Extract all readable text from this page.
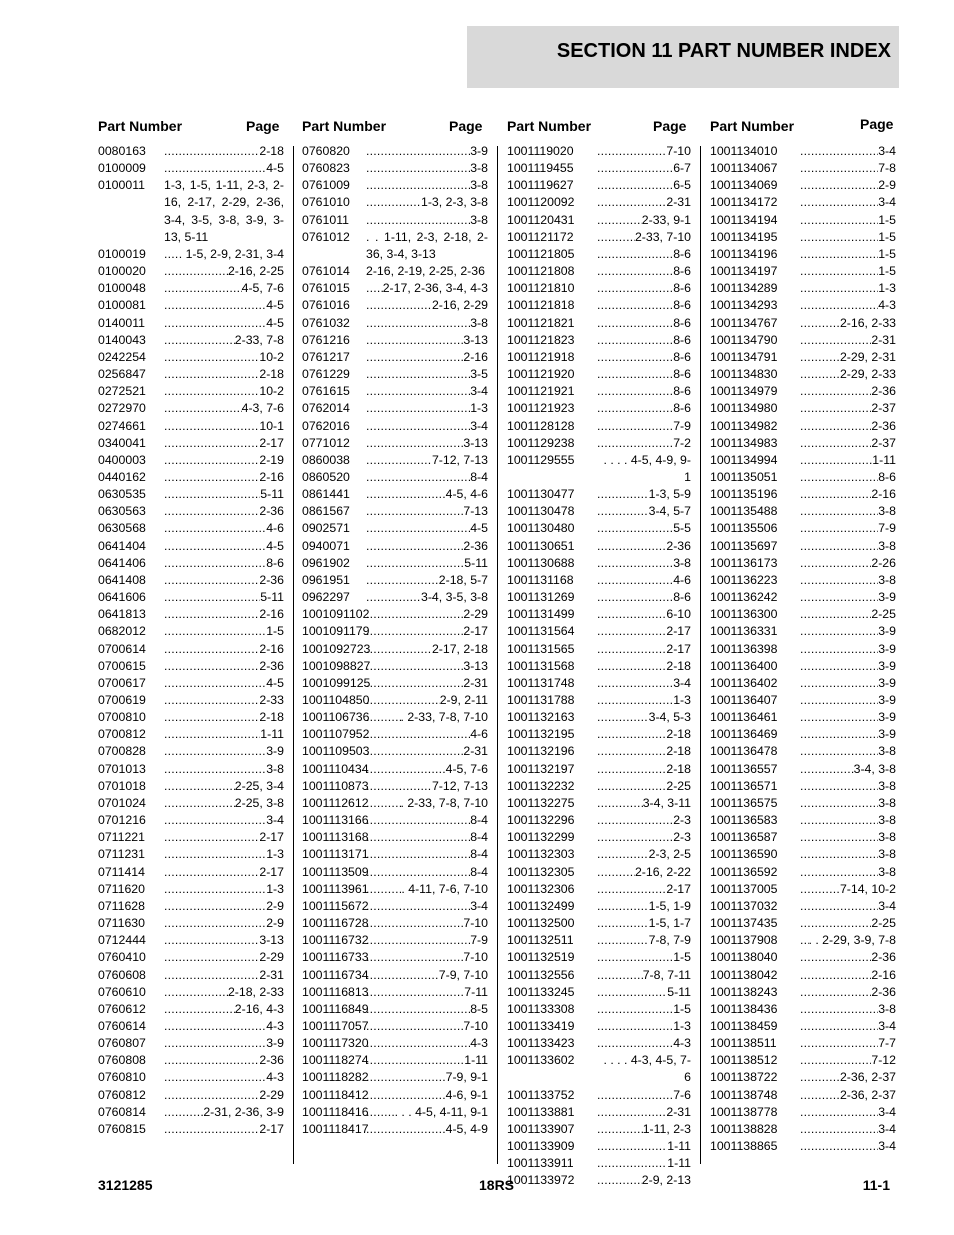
SECTION 11 PART NUMBER INDEX
Part Number	Page
0080163 . . .	2-18
0100009 . . .	4-5
0100011 1-3, 1-5, 1-11, 2-3, 2-16, 2-17, 2-29, 2-36, 3-4, 3-5, 3-8, 3-9, 3-13, 5-11
0100019 . . .	. 1-5, 2-9, 2-31, 3-4
0100020 . . .	2-16, 2-25
0100048 . . .	4-5, 7-6
0100081 . . .	4-5
0140011 . . .	4-5
0140043 . . .	2-33, 7-8
0242254 . . .	10-2
0256847 . . .	2-18
0272521 . . .	10-2
0272970 . . .	4-3, 7-6
0274661 . . .	10-1
0340041 . . .	2-17
0400003 . . .	2-19
0440162 . . .	2-16
0630535 . . .	5-11
0630563 . . .	2-36
0630568 . . .	4-6
0641404 . . .	4-5
0641406 . . .	8-6
0641408 . . .	2-36
0641606 . . .	5-11
0641813 . . .	2-16
0682012 . . .	1-5
0700614 . . .	2-16
0700615 . . .	2-36
0700617 . . .	4-5
0700619 . . .	2-33
0700810 . . .	2-18
0700812 . . .	1-11
0700828 . . .	3-9
0701013 . . .	3-8
0701018 . . .	2-25, 3-4
0701024 . . .	2-25, 3-8
0701216 . . .	3-4
0711221 . . .	2-17
0711231 . . .	1-3
0711414 . . .	2-17
0711620 . . .	1-3
0711628 . . .	2-9
0711630 . . .	2-9
0712444 . . .	3-13
0760410 . . .	2-29
0760608 . . .	2-31
0760610 . . .	2-18, 2-33
0760612 . . .	2-16, 4-3
0760614 . . .	4-3
0760807 . . .	3-9
0760808 . . .	2-36
0760810 . . .	4-3
0760812 . . .	2-29
0760814 . . .	2-31, 2-36, 3-9
0760815 . . .	2-17
Part Number	Page
0760820 . . .	3-9
0760823 . . .	3-8
0761009 . . .	3-8
0761010 . . .	1-3, 2-3, 3-8
0761011 . . .	3-8
0761012 . . 1-11, 2-3, 2-18, 2-36, 3-4, 3-13
0761014 2-16, 2-19, 2-25, 2-36
0761015 . . .	2-17, 2-36, 3-4, 4-3
0761016 . . .	2-16, 2-29
0761032 . . .	3-8
0761216 . . .	3-13
0761217 . . .	2-16
0761229 . . .	3-5
0761615 . . .	3-4
0762014 . . .	1-3
0762016 . . .	3-4
0771012 . . .	3-13
0860038 . . .	7-12, 7-13
0860520 . . .	8-4
0861441 . . .	4-5, 4-6
0861567 . . .	7-13
0902571 . . .	4-5
0940071 . . .	2-36
0961902 . . .	5-11
0961951 . . .	2-18, 5-7
0962297 . . .	3-4, 3-5, 3-8
1001091102 . . .	2-29
1001091179 . . .	2-17
1001092723 . . .	2-17, 2-18
1001098827 . . .	3-13
1001099125 . . .	2-31
1001104850 . . .	2-9, 2-11
1001106736 . . .	. 2-33, 7-8, 7-10
1001107952 . . .	4-6
1001109503 . . .	2-31
1001110434 . . .	4-5, 7-6
1001110873 . . .	7-12, 7-13
1001112612 . . .	. 2-33, 7-8, 7-10
1001113166 . . .	8-4
1001113168 . . .	8-4
1001113171 . . .	8-4
1001113509 . . .	8-4
1001113961 . . .	. 4-11, 7-6, 7-10
1001115672 . . .	3-4
1001116728 . . .	7-10
1001116732 . . .	7-9
1001116733 . . .	7-10
1001116734 . . .	7-9, 7-10
1001116813 . . .	7-11
1001116849 . . .	8-5
1001117057 . . .	7-10
1001117320 . . .	4-3
1001118274 . . .	1-11
1001118282 . . .	7-9, 9-1
1001118412 . . .	4-6, 9-1
1001118416 . . . . . . 4-5, 4-11, 9-1
1001118417 . . .	4-5, 4-9
Part Number	Page
1001119020 . . .	7-10
1001119455 . . .	6-7
1001119627 . . .	6-5
1001120092 . . .	2-31
1001120431 . . .	2-33, 9-1
1001121172 . . .	2-33, 7-10
1001121805 . . .	8-6
1001121808 . . .	8-6
1001121810 . . .	8-6
1001121818 . . .	8-6
1001121821 . . .	8-6
1001121823 . . .	8-6
1001121918 . . .	8-6
1001121920 . . .	8-6
1001121921 . . .	8-6
1001121923 . . .	8-6
1001128128 . . .	7-9
1001129238 . . .	7-2
1001129555	. . . . 4-5, 4-9, 9-1
1001130477 . . .	1-3, 5-9
1001130478 . . .	3-4, 5-7
1001130480 . . .	5-5
1001130651 . . .	2-36
1001130688 . . .	3-8
1001131168 . . .	4-6
1001131269 . . .	8-6
1001131499 . . .	6-10
1001131564 . . .	2-17
1001131565 . . .	2-17
1001131568 . . .	2-18
1001131748 . . .	3-4
1001131788 . . .	1-3
1001132163 . . .	3-4, 5-3
1001132195 . . .	2-18
1001132196 . . .	2-18
1001132197 . . .	2-18
1001132232 . . .	2-25
1001132275 . . .	3-4, 3-11
1001132296 . . .	2-3
1001132299 . . .	2-3
1001132303 . . .	2-3, 2-5
1001132305 . . .	2-16, 2-22
1001132306 . . .	2-17
1001132499 . . .	1-5, 1-9
1001132500 . . .	1-5, 1-7
1001132511 . . .	7-8, 7-9
1001132519 . . .	1-5
1001132556 . . .	7-8, 7-11
1001133245 . . .	5-11
1001133308 . . .	1-5
1001133419 . . .	1-3
1001133423 . . .	4-3
1001133602	. . . . 4-3, 4-5, 7-6
1001133752 . . .	7-6
1001133881 . . .	2-31
1001133907 . . .	1-11, 2-3
1001133909 . . .	1-11
1001133911 . . .	1-11
1001133972 . . .	2-9, 2-13
Part Number	Page
1001134010 . . .	3-4
1001134067 . . .	7-8
1001134069 . . .	2-9
1001134172 . . .	3-4
1001134194 . . .	1-5
1001134195 . . .	1-5
1001134196 . . .	1-5
1001134197 . . .	1-5
1001134289 . . .	1-3
1001134293 . . .	4-3
1001134767 . . .	2-16, 2-33
1001134790 . . .	2-31
1001134791 . . .	2-29, 2-31
1001134830 . . .	2-29, 2-33
1001134979 . . .	2-36
1001134980 . . .	2-37
1001134982 . . .	2-36
1001134983 . . .	2-37
1001134994 . . .	1-11
1001135051 . . .	8-6
1001135196 . . .	2-16
1001135488 . . .	3-8
1001135506 . . .	7-9
1001135697 . . .	3-8
1001136173 . . .	2-26
1001136223 . . .	3-8
1001136242 . . .	3-9
1001136300 . . .	2-25
1001136331 . . .	3-9
1001136398 . . .	3-9
1001136400 . . .	3-9
1001136402 . . .	3-9
1001136407 . . .	3-9
1001136461 . . .	3-9
1001136469 . . .	3-9
1001136478 . . .	3-8
1001136557 . . .	3-4, 3-8
1001136571 . . .	3-8
1001136575 . . .	3-8
1001136583 . . .	3-8
1001136587 . . .	3-8
1001136590 . . .	3-8
1001136592 . . .	3-8
1001137005 . . .	7-14, 10-2
1001137032 . . .	3-4
1001137435 . . .	2-25
1001137908 . . .	. . 2-29, 3-9, 7-8
1001138040 . . .	2-36
1001138042 . . .	2-16
1001138243 . . .	2-36
1001138436 . . .	3-8
1001138459 . . .	3-4
1001138511 . . .	7-7
1001138512 . . .	7-12
1001138722 . . .	2-36, 2-37
1001138748 . . .	2-36, 2-37
1001138778 . . .	3-4
1001138828 . . .	3-4
1001138865 . . .	3-4
3121285	18RS	11-1
